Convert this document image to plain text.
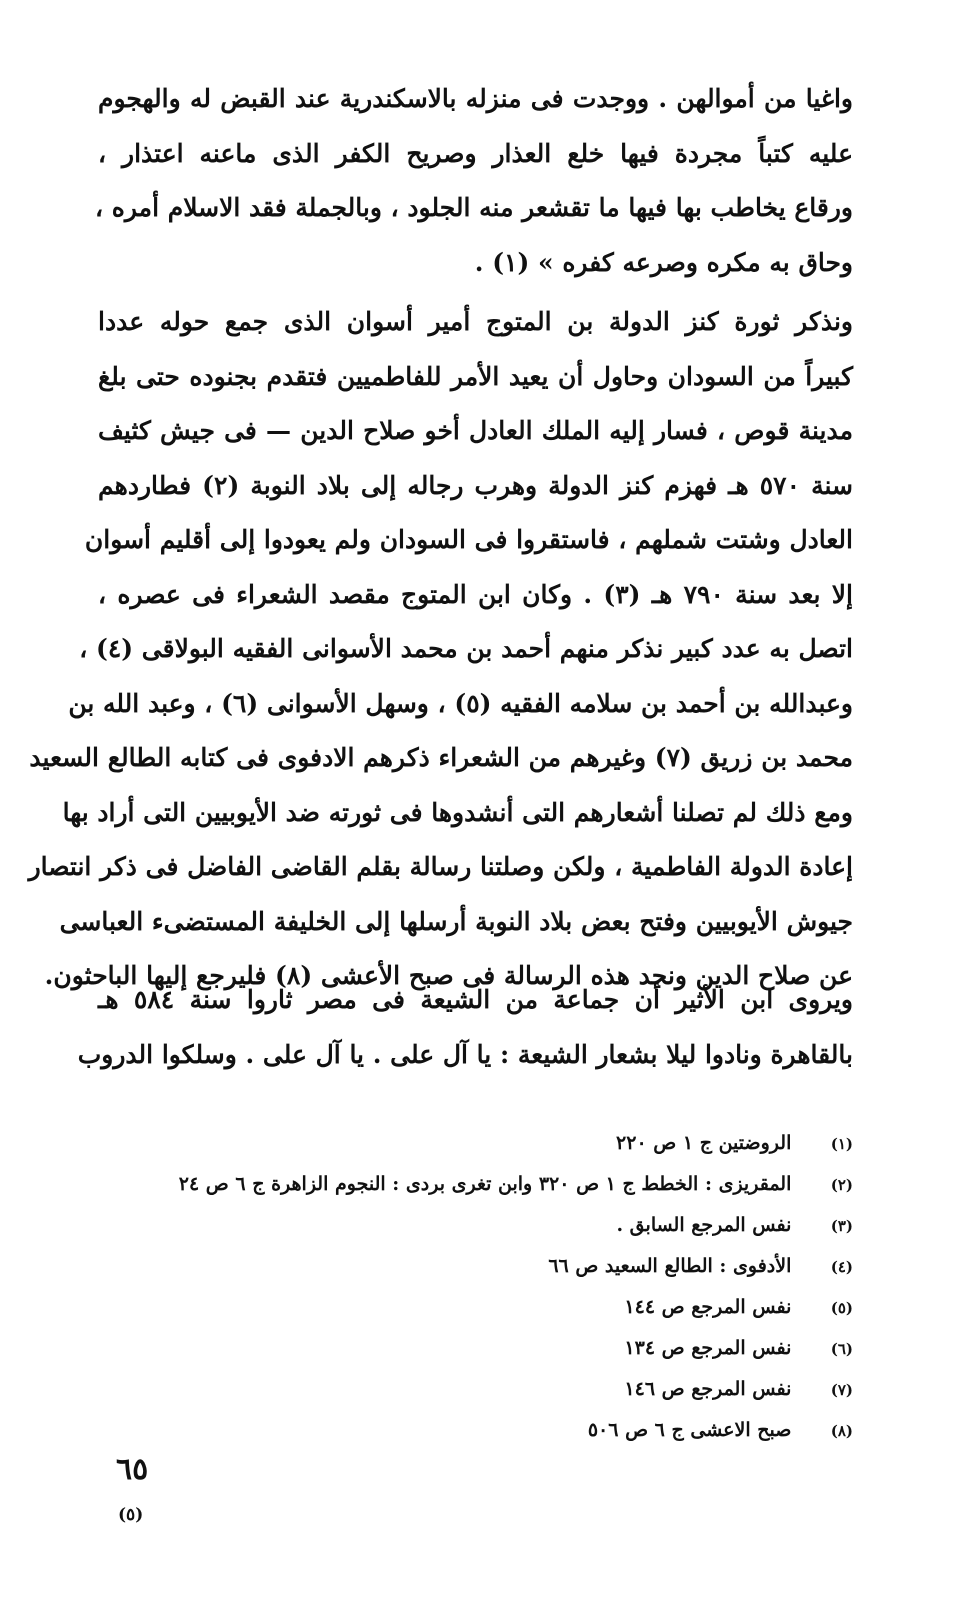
واغيا من أموالهن . ووجدت فى منزله بالاسكندرية عند القبض له والهجوم
عليه كتباً مجردة فيها خلع العذار وصريح الكفر الذى ماعنه اعتذار ،
ورقاع يخاطب بها فيها ما تقشعر منه الجلود ، وبالجملة فقد الاسلام أمره ،
وحاق به مكره وصرعه كفره » (١) .

ونذكر ثورة كنز الدولة بن المتوج أمير أسوان الذى جمع حوله عددا
كبيراً من السودان وحاول أن يعيد الأمر للفاطميين فتقدم بجنوده حتى بلغ
مدينة قوص ، فسار إليه الملك العادل أخو صلاح الدين — فى جيش كثيف
سنة ٥٧٠ هـ فهزم كنز الدولة وهرب رجاله إلى بلاد النوبة (٢) فطاردهم
العادل وشتت شملهم ، فاستقروا فى السودان ولم يعودوا إلى أقليم أسوان
إلا بعد سنة ٧٩٠ هـ (٣) . وكان ابن المتوج مقصد الشعراء فى عصره ،
اتصل به عدد كبير نذكر منهم أحمد بن محمد الأسوانى الفقيه البولاقى (٤) ،
وعبدالله بن أحمد بن سلامه الفقيه (٥) ، وسهل الأسوانى (٦) ، وعبد الله بن
محمد بن زريق (٧) وغيرهم من الشعراء ذكرهم الادفوى فى كتابه الطالع السعيد
ومع ذلك لم تصلنا أشعارهم التى أنشدوها فى ثورته ضد الأيوبيين التى أراد بها
إعادة الدولة الفاطمية ، ولكن وصلتنا رسالة بقلم القاضى الفاضل فى ذكر انتصار
جيوش الأيوبيين وفتح بعض بلاد النوبة أرسلها إلى الخليفة المستضىء العباسى
عن صلاح الدين ونجد هذه الرسالة فى صبح الأعشى (٨) فليرجع إليها الباحثون.

ويروى ابن الأثير أن جماعة من الشيعة فى مصر ثاروا سنة ٥٨٤ هـ
بالقاهرة ونادوا ليلا بشعار الشيعة : يا آل على . يا آل على . وسلكوا الدروب

(١) الروضتين ج ١ ص ٢٢٠
(٢) المقريزى : الخطط ج ١ ص ٣٢٠ وابن تغرى بردى : النجوم الزاهرة ج ٦ ص ٢٤
(٣) نفس المرجع السابق .
(٤) الأدفوى : الطالع السعيد ص ٦٦
(٥) نفس المرجع ص ١٤٤
(٦) نفس المرجع ص ١٣٤
(٧) نفس المرجع ص ١٤٦
(٨) صبح الاعشى ج ٦ ص ٥٠٦
٦٥
(٥)
